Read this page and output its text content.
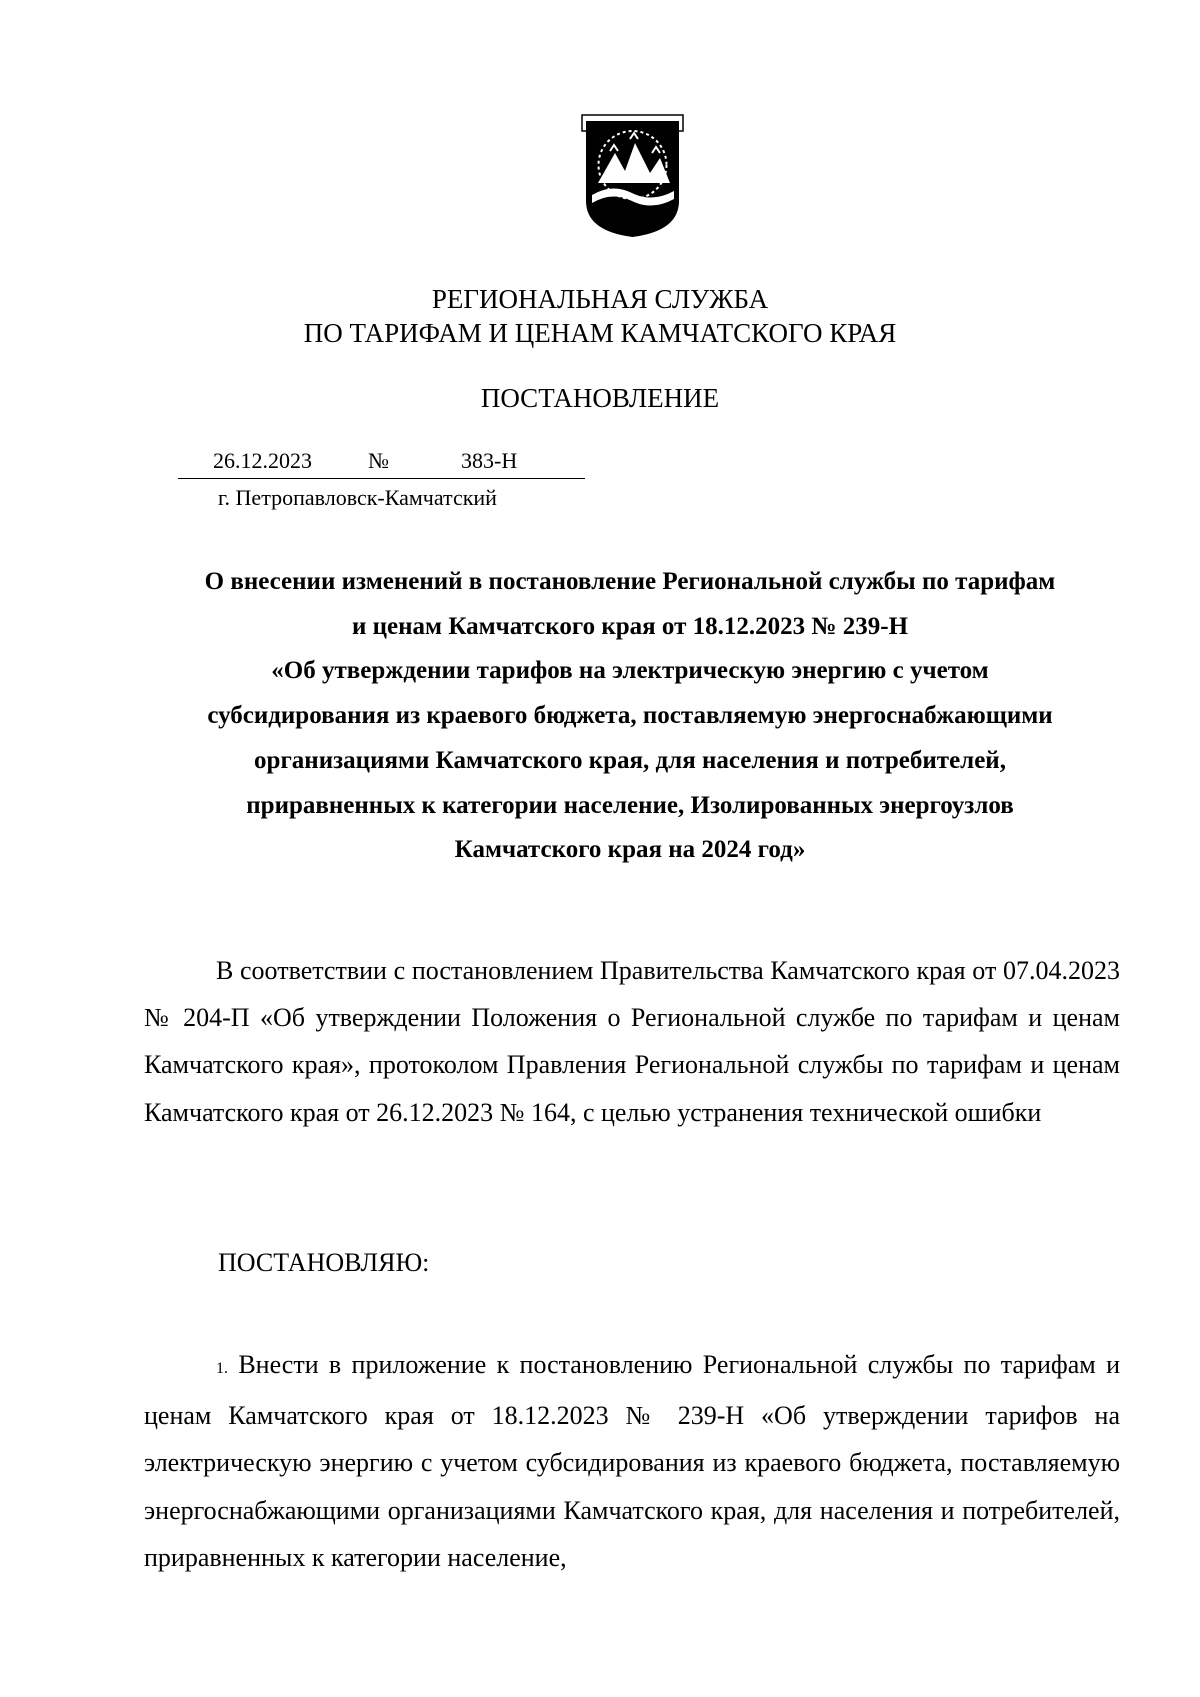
РЕГИОНАЛЬНАЯ СЛУЖБА
ПО ТАРИФАМ И ЦЕНАМ КАМЧАТСКОГО КРАЯ
ПОСТАНОВЛЕНИЕ
26.12.2023	№	383-Н
г. Петропавловск-Камчатский
О внесении изменений в постановление Региональной службы по тарифам
и ценам Камчатского края от 18.12.2023 № 239-Н
«Об утверждении тарифов на электрическую энергию с учетом
субсидирования из краевого бюджета, поставляемую энергоснабжающими
организациями Камчатского края, для населения и потребителей,
приравненных к категории население, Изолированных энергоузлов
Камчатского края на 2024 год»
В соответствии с постановлением Правительства Камчатского края от 07.04.2023 № 204-П «Об утверждении Положения о Региональной службе по тарифам и ценам Камчатского края», протоколом Правления Региональной службы по тарифам и ценам Камчатского края от 26.12.2023 № 164, с целью устранения технической ошибки
ПОСТАНОВЛЯЮ:
1. Внести в приложение к постановлению Региональной службы по тарифам и ценам Камчатского края от 18.12.2023 № 239-Н «Об утверждении тарифов на электрическую энергию с учетом субсидирования из краевого бюджета, поставляемую энергоснабжающими организациями Камчатского края, для населения и потребителей, приравненных к категории население,
